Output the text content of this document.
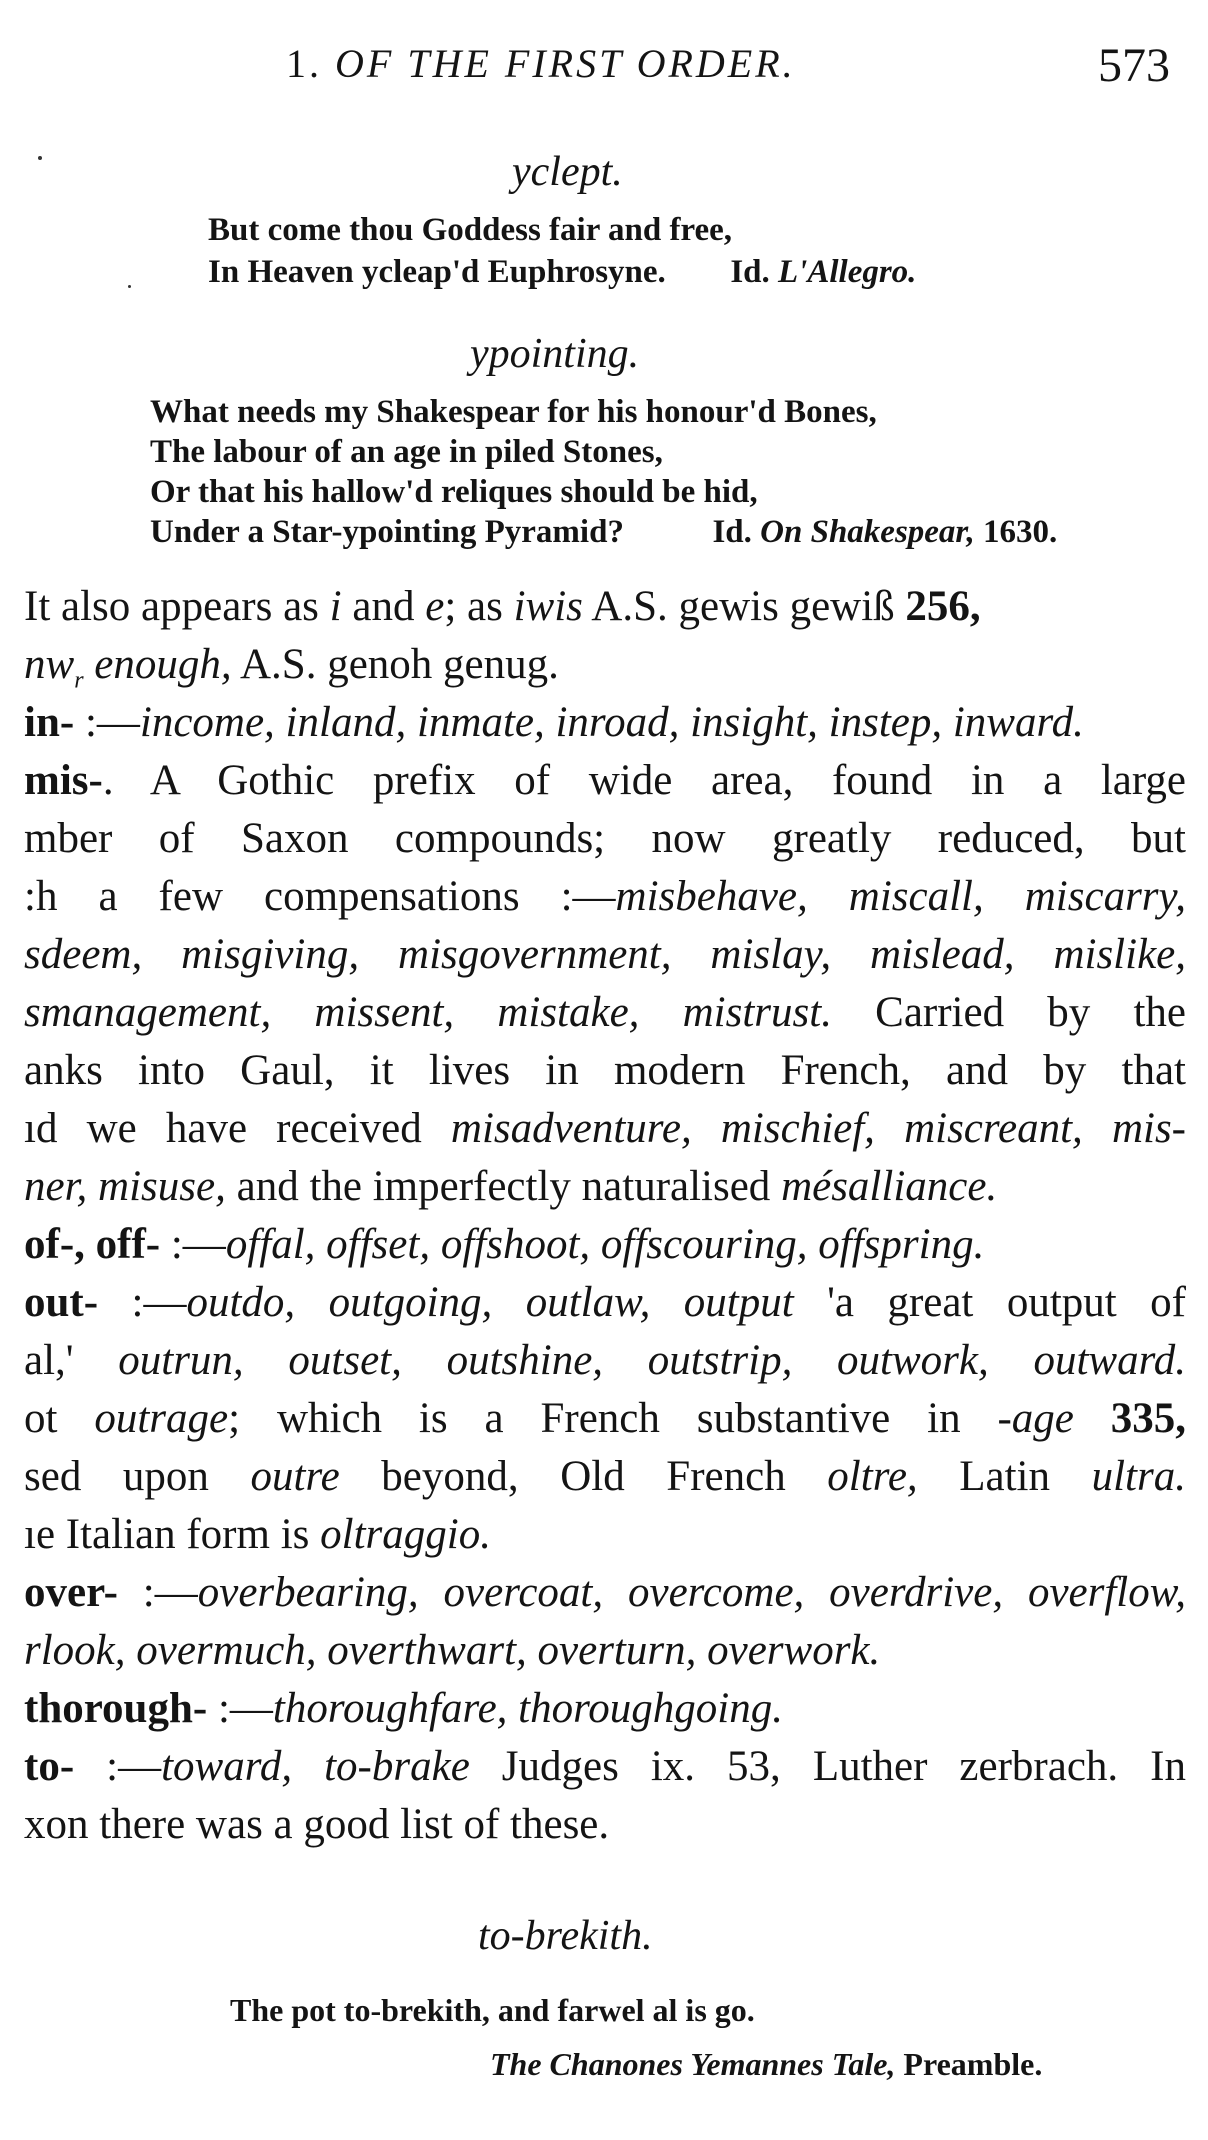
1. OF THE FIRST ORDER.	573
yclept.
But come thou Goddess fair and free,
In Heaven ycleap'd Euphrosyne. Id. L'Allegro.
ypointing.
What needs my Shakespear for his honour'd Bones,
The labour of an age in piled Stones,
Or that his hallow'd reliques should be hid,
Under a Star-ypointing Pyramid?	Id. On Shakespear, 1630.
It also appears as i and e; as iwis A.S. gewis gewiß 256,
$nw_r$ enough, A.S. genoh genug.
in- :—income, inland, inmate, inroad, insight, instep, inward.
mis-. A Gothic prefix of wide area, found in a large
mber of Saxon compounds; now greatly reduced, but
:h a few compensations :—misbehave, miscall, miscarry,
sdeem, misgiving, misgovernment, mislay, mislead, mislike,
smanagement, missent, mistake, mistrust. Carried by the
anks into Gaul, it lives in modern French, and by that
ıd we have received misadventure, mischief, miscreant, mis-
ner, misuse, and the imperfectly naturalised mésalliance.
of-, off- :—offal, offset, offshoot, offscouring, offspring.
out- :—outdo, outgoing, outlaw, output 'a great output of
al,' outrun, outset, outshine, outstrip, outwork, outward.
ot outrage; which is a French substantive in -age 335,
sed upon outre beyond, Old French oltre, Latin ultra.
ıe Italian form is oltraggio.
over- :—overbearing, overcoat, overcome, overdrive, overflow,
rlook, overmuch, overthwart, overturn, overwork.
thorough- :—thoroughfare, thoroughgoing.
to- :—toward, to-brake Judges ix. 53, Luther zerbrach. In
xon there was a good list of these.
to-brekith.
The pot to-brekith, and farwel al is go.
The Chanones Yemannes Tale, Preamble.
